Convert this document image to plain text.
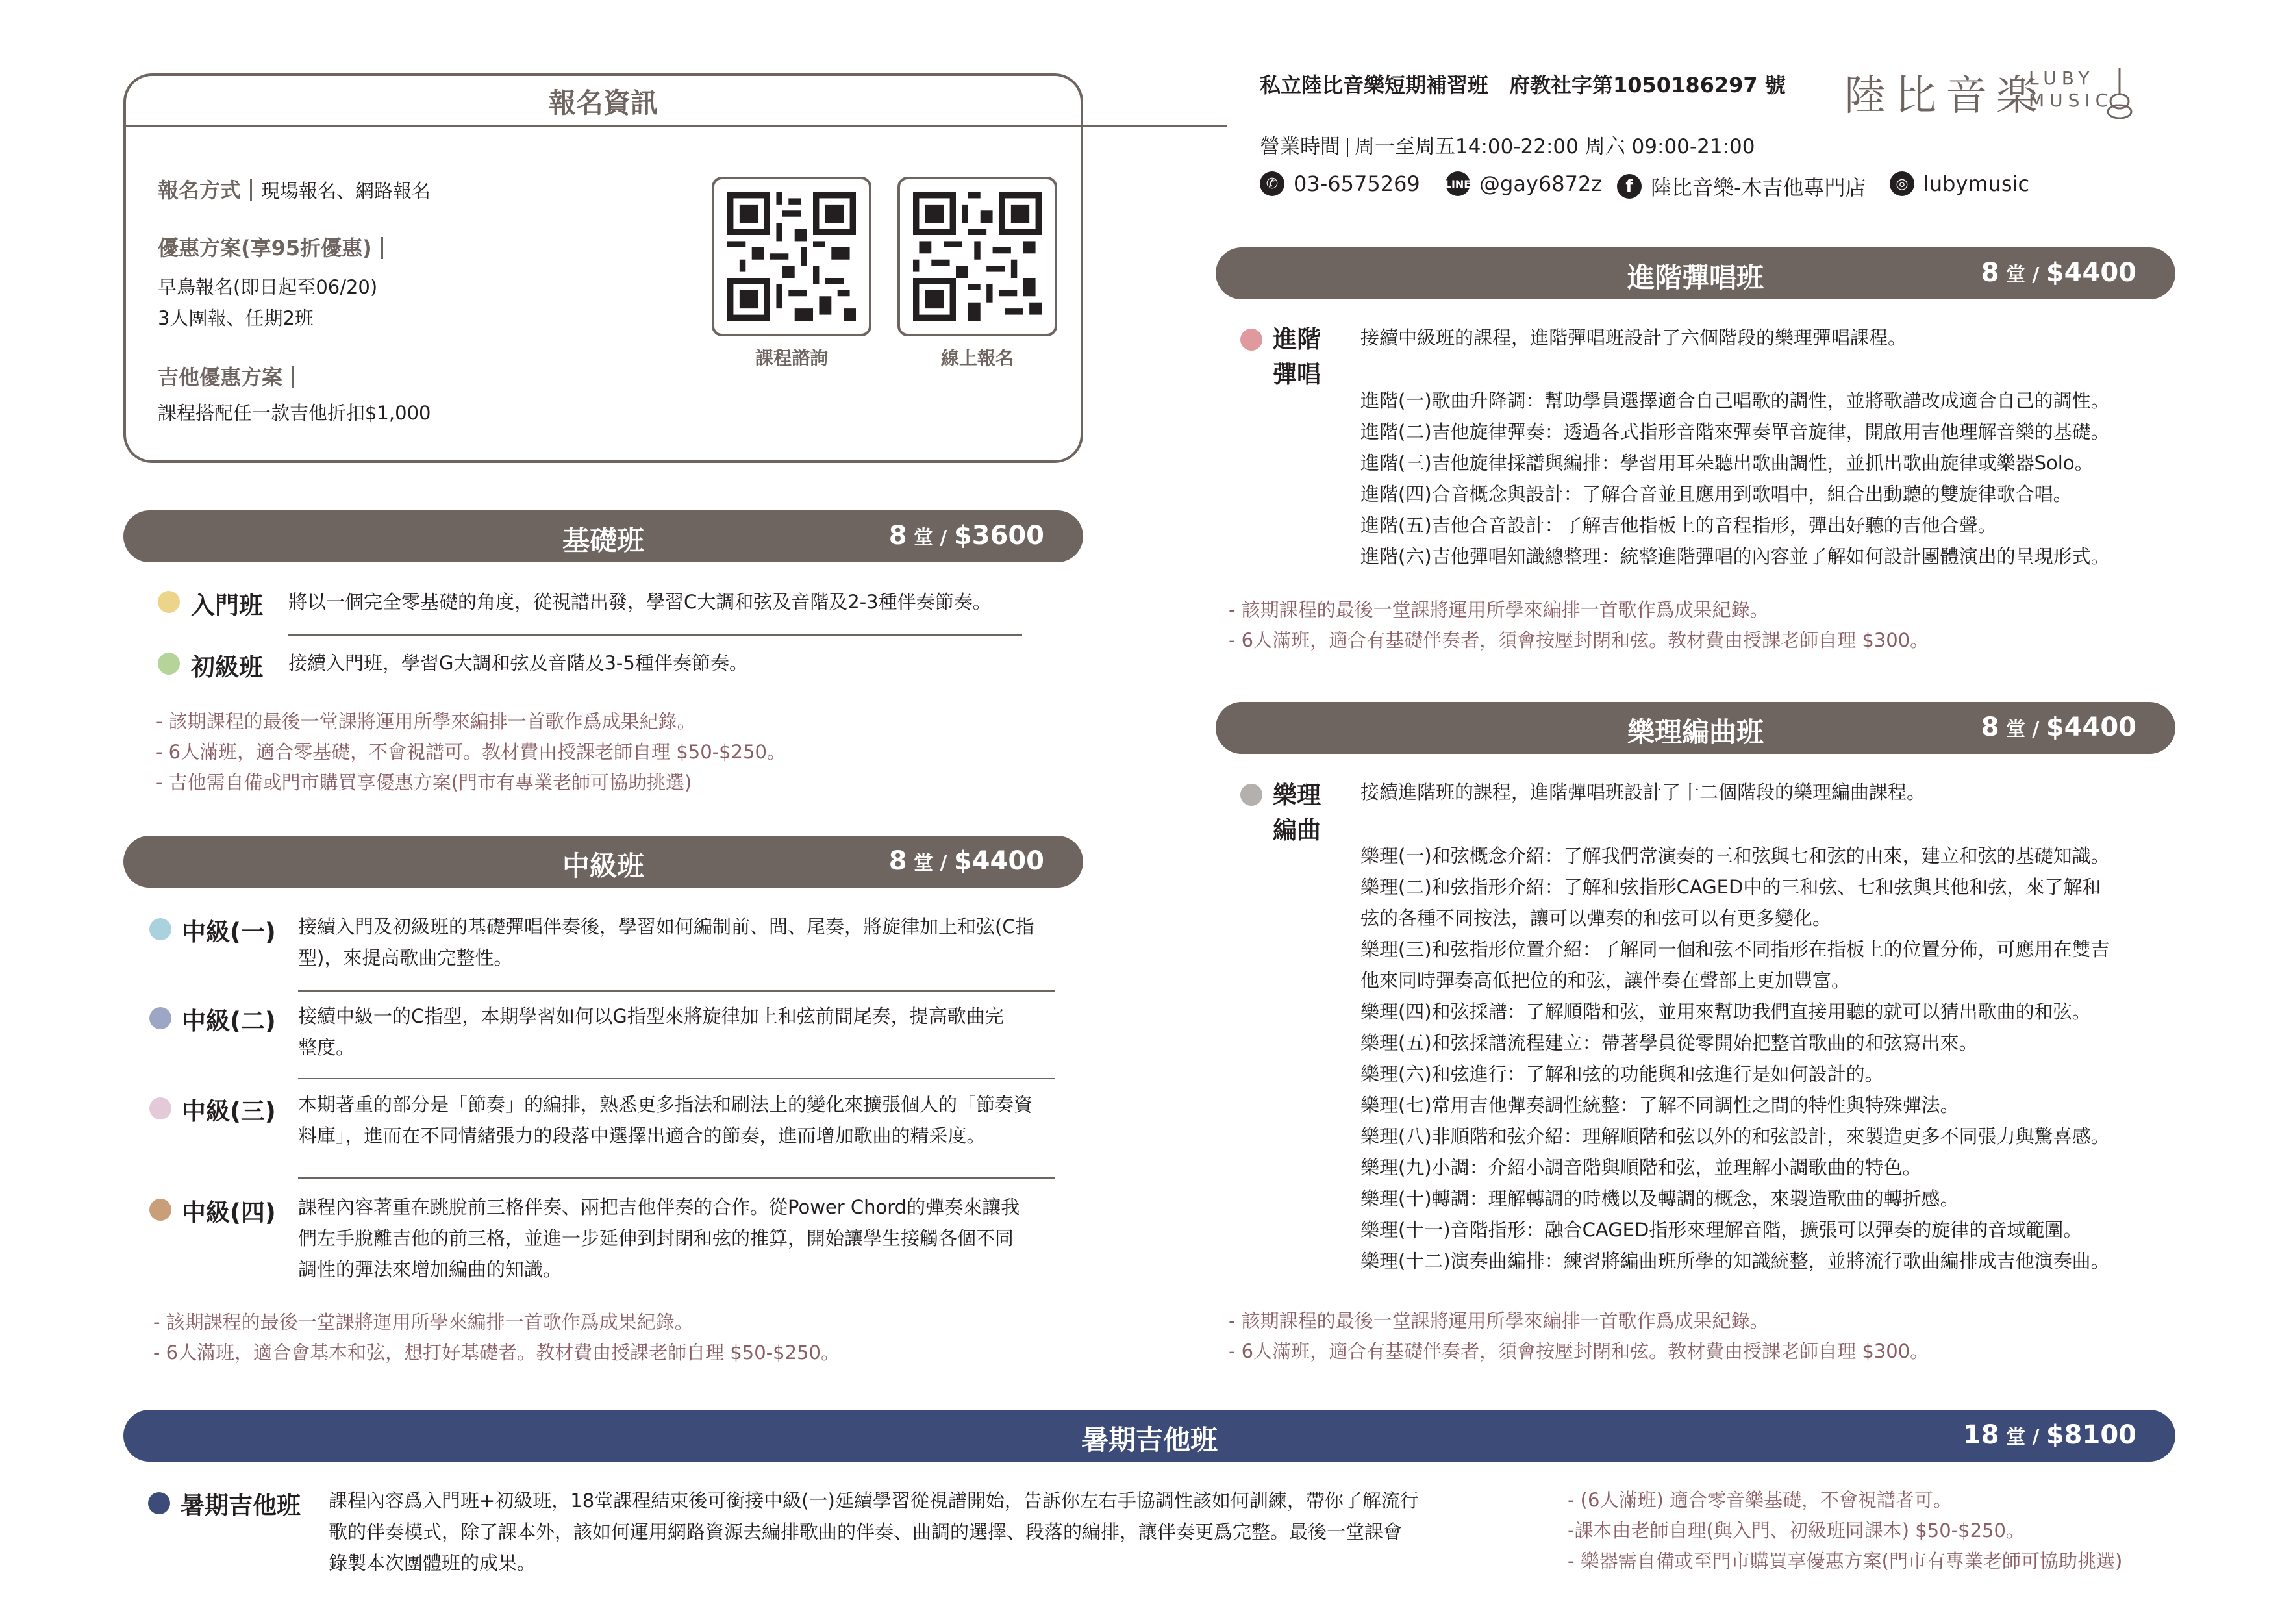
報名資訊
報名方式 現場報名、網路報名
優惠方案(享95折優惠)
早鳥報名(即日起至06/20)
3人團報、任期2班
吉他優惠方案
課程搭配任一款吉他折扣$1,000
課程諮詢	線上報名
私立陸比音樂短期補習班　府教社字第1050186297 號
營業時間 周一至周五14:00-22:00 周六 09:00-21:00
✆ 03-6575269 LINE @gay6872z	f 陸比音樂-木吉他專門店	◎ lubymusic
陸比音楽
LUBY
MUSIC.
基礎班	8 堂 / $3600
入門班 將以一個完全零基礎的角度，從視譜出發，學習C大調和弦及音階及2-3種伴奏節奏。
初級班 接續入門班，學習G大調和弦及音階及3-5種伴奏節奏。
- 該期課程的最後一堂課將運用所學來編排一首歌作爲成果紀錄。
- 6人滿班，適合零基礎，不會視譜可。教材費由授課老師自理 $50-$250。
- 吉他需自備或門市購買享優惠方案(門市有專業老師可協助挑選)
中級班	8 堂 / $4400
中級(一) 接續入門及初級班的基礎彈唱伴奏後，學習如何編制前、間、尾奏，將旋律加上和弦(C指
型)，來提高歌曲完整性。
中級(二) 接續中級一的C指型，本期學習如何以G指型來將旋律加上和弦前間尾奏，提高歌曲完
整度。
中級(三) 本期著重的部分是「節奏」的編排，熟悉更多指法和刷法上的變化來擴張個人的「節奏資
料庫」，進而在不同情緒張力的段落中選擇出適合的節奏，進而增加歌曲的精采度。
中級(四) 課程內容著重在跳脫前三格伴奏、兩把吉他伴奏的合作。從Power Chord的彈奏來讓我
們左手脫離吉他的前三格，並進一步延伸到封閉和弦的推算，開始讓學生接觸各個不同
調性的彈法來增加編曲的知識。
- 該期課程的最後一堂課將運用所學來編排一首歌作爲成果紀錄。
- 6人滿班，適合會基本和弦，想打好基礎者。教材費由授課老師自理 $50-$250。
進階彈唱班	8 堂 / $4400
進階
彈唱
接續中級班的課程，進階彈唱班設計了六個階段的樂理彈唱課程。
進階(一)歌曲升降調：幫助學員選擇適合自己唱歌的調性，並將歌譜改成適合自己的調性。
進階(二)吉他旋律彈奏：透過各式指形音階來彈奏單音旋律，開啟用吉他理解音樂的基礎。
進階(三)吉他旋律採譜與編排：學習用耳朵聽出歌曲調性，並抓出歌曲旋律或樂器Solo。
進階(四)合音概念與設計：了解合音並且應用到歌唱中，組合出動聽的雙旋律歌合唱。
進階(五)吉他合音設計：了解吉他指板上的音程指形，彈出好聽的吉他合聲。
進階(六)吉他彈唱知識總整理：統整進階彈唱的內容並了解如何設計團體演出的呈現形式。
- 該期課程的最後一堂課將運用所學來編排一首歌作爲成果紀錄。
- 6人滿班，適合有基礎伴奏者，須會按壓封閉和弦。教材費由授課老師自理 $300。
樂理編曲班	8 堂 / $4400
樂理
編曲
接續進階班的課程，進階彈唱班設計了十二個階段的樂理編曲課程。
樂理(一)和弦概念介紹：了解我們常演奏的三和弦與七和弦的由來，建立和弦的基礎知識。
樂理(二)和弦指形介紹：了解和弦指形CAGED中的三和弦、七和弦與其他和弦，來了解和
弦的各種不同按法，讓可以彈奏的和弦可以有更多變化。
樂理(三)和弦指形位置介紹：了解同一個和弦不同指形在指板上的位置分佈，可應用在雙吉
他來同時彈奏高低把位的和弦，讓伴奏在聲部上更加豐富。
樂理(四)和弦採譜：了解順階和弦，並用來幫助我們直接用聽的就可以猜出歌曲的和弦。
樂理(五)和弦採譜流程建立：帶著學員從零開始把整首歌曲的和弦寫出來。
樂理(六)和弦進行：了解和弦的功能與和弦進行是如何設計的。
樂理(七)常用吉他彈奏調性統整：了解不同調性之間的特性與特殊彈法。
樂理(八)非順階和弦介紹：理解順階和弦以外的和弦設計，來製造更多不同張力與驚喜感。
樂理(九)小調：介紹小調音階與順階和弦，並理解小調歌曲的特色。
樂理(十)轉調：理解轉調的時機以及轉調的概念，來製造歌曲的轉折感。
樂理(十一)音階指形：融合CAGED指形來理解音階，擴張可以彈奏的旋律的音域範圍。
樂理(十二)演奏曲編排：練習將編曲班所學的知識統整，並將流行歌曲編排成吉他演奏曲。
- 該期課程的最後一堂課將運用所學來編排一首歌作爲成果紀錄。
- 6人滿班，適合有基礎伴奏者，須會按壓封閉和弦。教材費由授課老師自理 $300。
暑期吉他班	18 堂 / $8100
暑期吉他班 課程內容爲入門班+初級班，18堂課程結束後可銜接中級(一)延續學習從視譜開始，告訴你左右手協調性該如何訓練，帶你了解流行
歌的伴奏模式，除了課本外，該如何運用網路資源去編排歌曲的伴奏、曲調的選擇、段落的編排，讓伴奏更爲完整。最後一堂課會
錄製本次團體班的成果。
- (6人滿班) 適合零音樂基礎，不會視譜者可。
-課本由老師自理(與入門、初級班同課本) $50-$250。
- 樂器需自備或至門市購買享優惠方案(門市有專業老師可協助挑選)
